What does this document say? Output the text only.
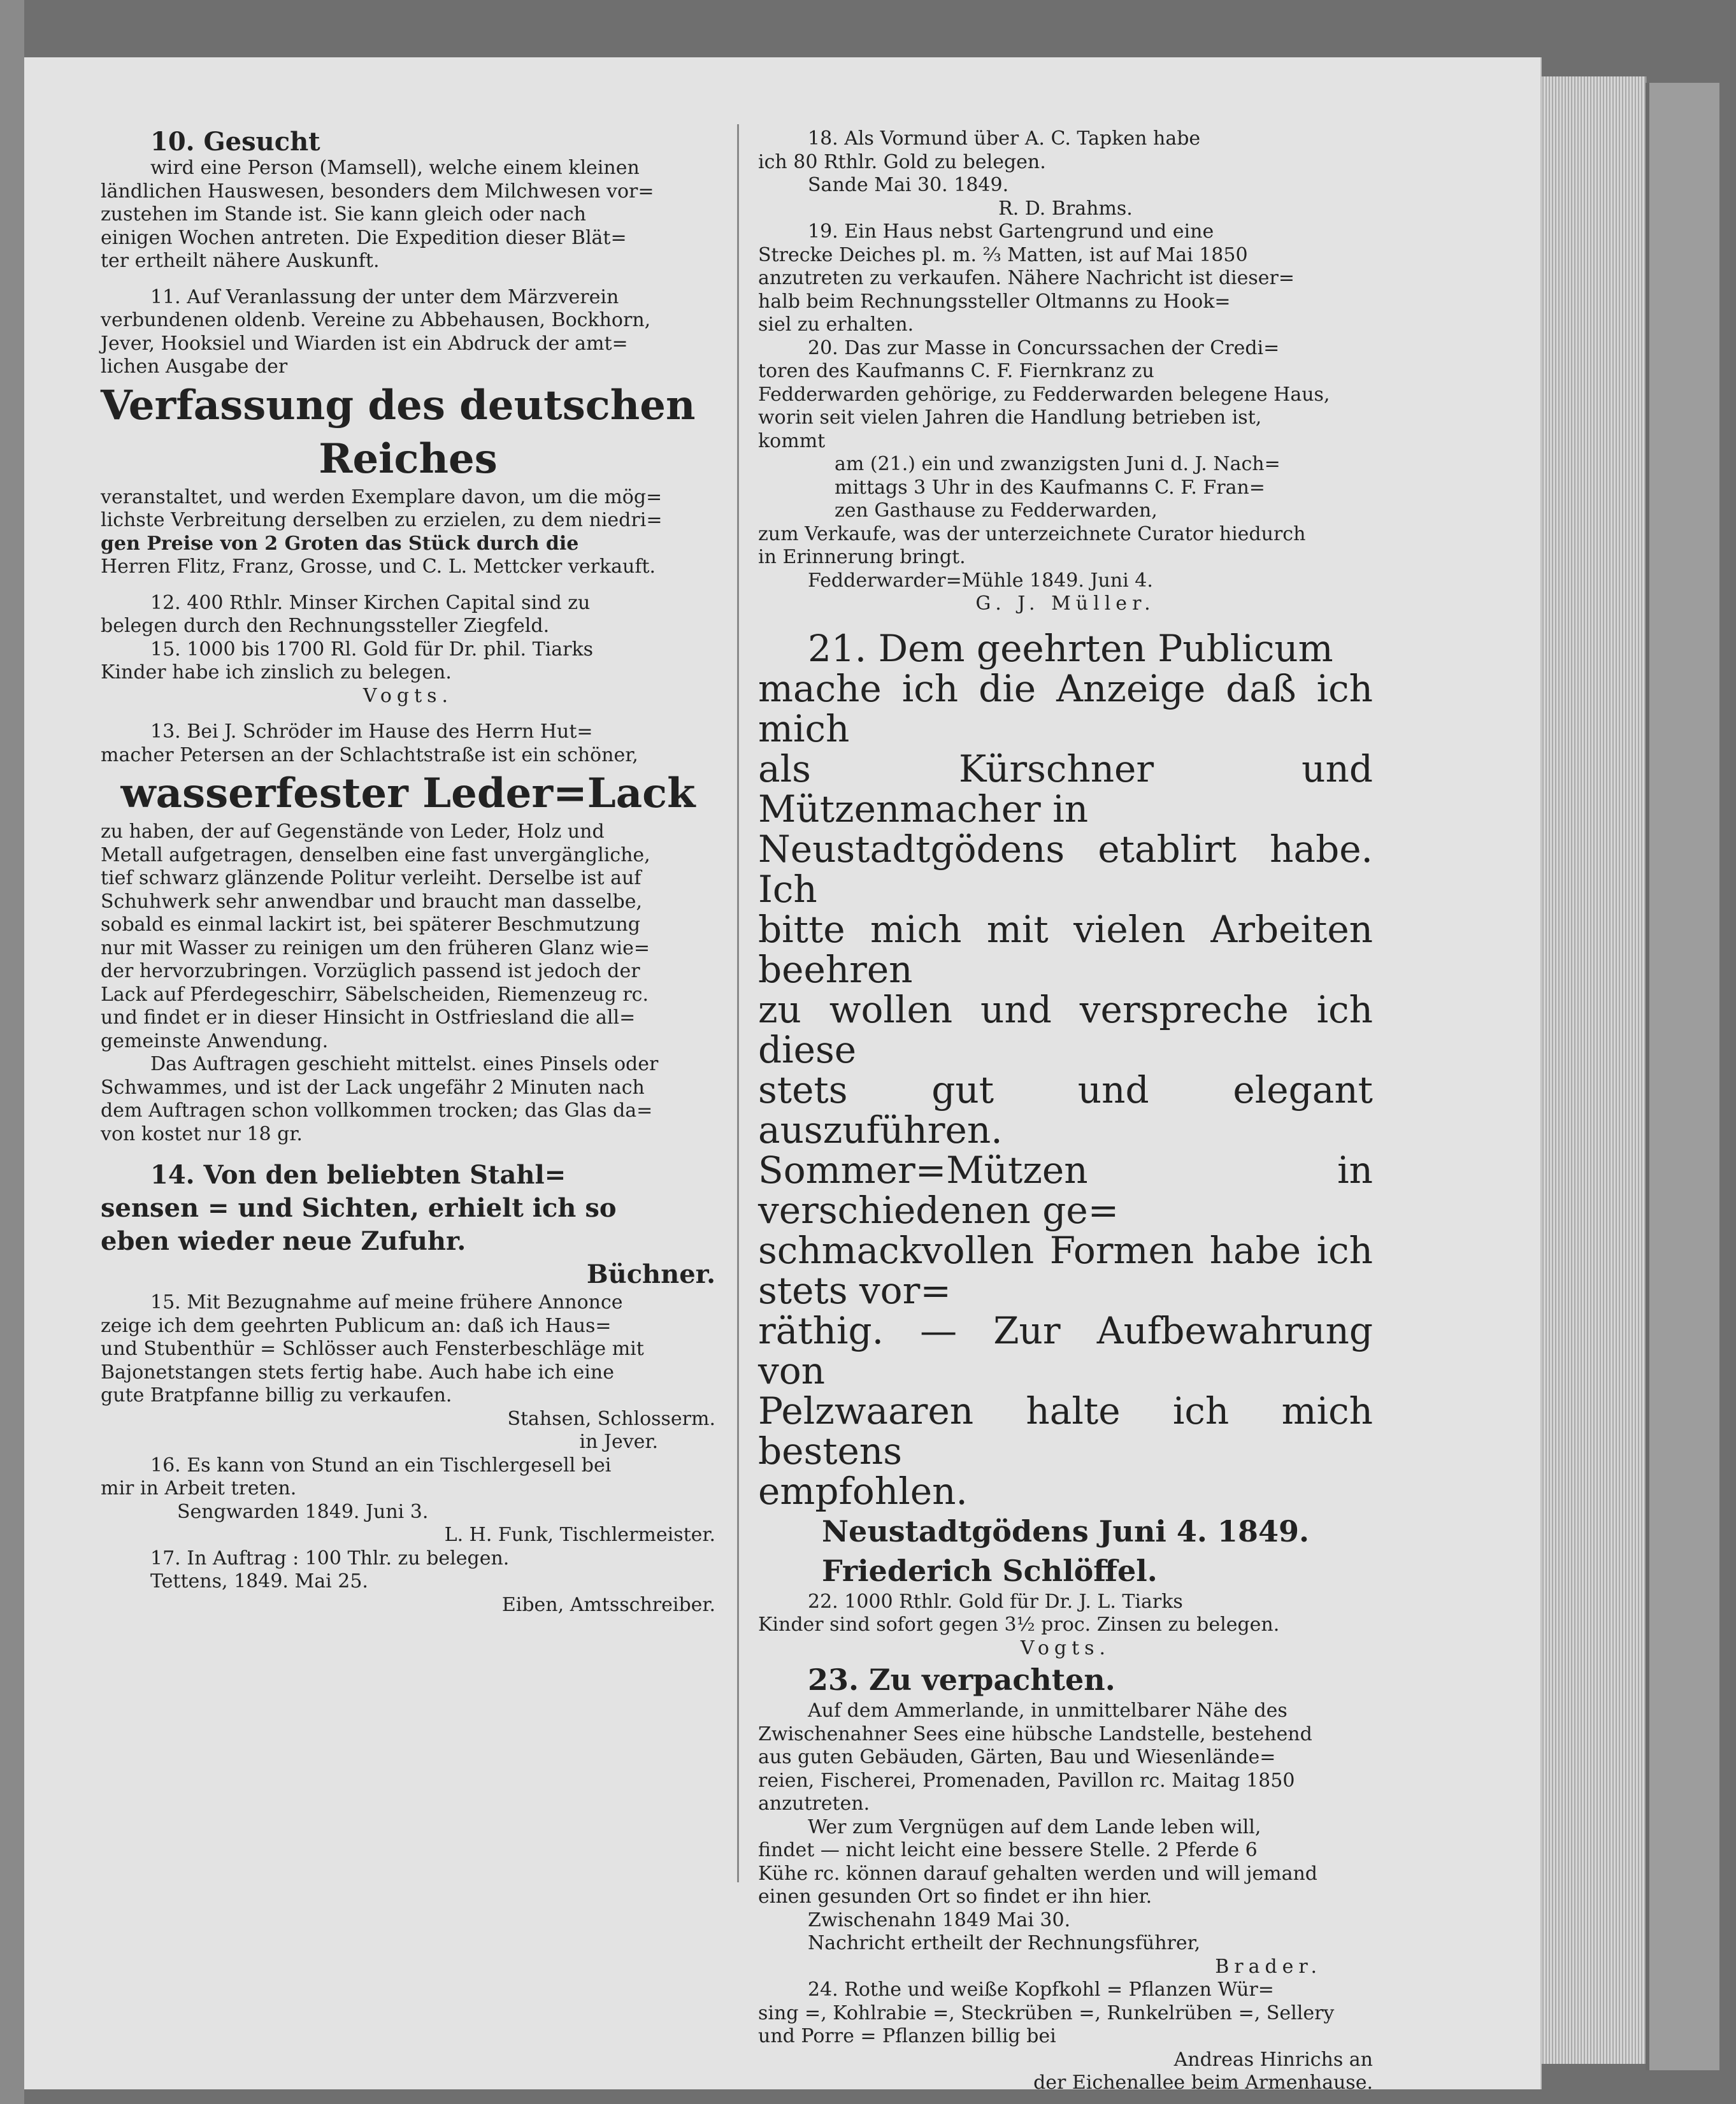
10. Gesucht

wird eine Person (Mamsell), welche einem kleinen

ländlichen Hauswesen, besonders dem Milchwesen vor=

zustehen im Stande ist. Sie kann gleich oder nach

einigen Wochen antreten. Die Expedition dieser Blät=

ter ertheilt nähere Auskunft.

11. Auf Veranlassung der unter dem Märzverein

verbundenen oldenb. Vereine zu Abbehausen, Bockhorn,

Jever, Hooksiel und Wiarden ist ein Abdruck der amt=

lichen Ausgabe der

Verfassung des deutschen

Reiches

veranstaltet, und werden Exemplare davon, um die mög=

lichste Verbreitung derselben zu erzielen, zu dem niedri=

gen Preise von 2 Groten das Stück durch die

Herren Flitz, Franz, Grosse, und C. L. Mettcker verkauft.

12. 400 Rthlr. Minser Kirchen Capital sind zu

belegen durch den Rechnungssteller Ziegfeld.

15. 1000 bis 1700 Rl. Gold für Dr. phil. Tiarks

Kinder habe ich zinslich zu belegen.

Vogts.

13. Bei J. Schröder im Hause des Herrn Hut=

macher Petersen an der Schlachtstraße ist ein schöner,

wasserfester Leder=Lack

zu haben, der auf Gegenstände von Leder, Holz und

Metall aufgetragen, denselben eine fast unvergängliche,

tief schwarz glänzende Politur verleiht. Derselbe ist auf

Schuhwerk sehr anwendbar und braucht man dasselbe,

sobald es einmal lackirt ist, bei späterer Beschmutzung

nur mit Wasser zu reinigen um den früheren Glanz wie=

der hervorzubringen. Vorzüglich passend ist jedoch der

Lack auf Pferdegeschirr, Säbelscheiden, Riemenzeug rc.

und findet er in dieser Hinsicht in Ostfriesland die all=

gemeinste Anwendung.

Das Auftragen geschieht mittelst. eines Pinsels oder

Schwammes, und ist der Lack ungefähr 2 Minuten nach

dem Auftragen schon vollkommen trocken; das Glas da=

von kostet nur 18 gr.

14. Von den beliebten Stahl=

sensen = und Sichten, erhielt ich so

eben wieder neue Zufuhr.

Büchner.

15. Mit Bezugnahme auf meine frühere Annonce

zeige ich dem geehrten Publicum an: daß ich Haus=

und Stubenthür = Schlösser auch Fensterbeschläge mit

Bajonetstangen stets fertig habe. Auch habe ich eine

gute Bratpfanne billig zu verkaufen.

Stahsen, Schlosserm.

in Jever.

16. Es kann von Stund an ein Tischlergesell bei

mir in Arbeit treten.

Sengwarden 1849. Juni 3.

L. H. Funk, Tischlermeister.

17. In Auftrag : 100 Thlr. zu belegen.

Tettens, 1849. Mai 25.

Eiben, Amtsschreiber.

18. Als Vormund über A. C. Tapken habe

ich 80 Rthlr. Gold zu belegen.

Sande Mai 30. 1849.

R. D. Brahms.

19. Ein Haus nebst Gartengrund und eine

Strecke Deiches pl. m. ⅔ Matten, ist auf Mai 1850

anzutreten zu verkaufen. Nähere Nachricht ist dieser=

halb beim Rechnungssteller Oltmanns zu Hook=

siel zu erhalten.

20. Das zur Masse in Concurssachen der Credi=

toren des Kaufmanns C. F. Fiernkranz zu

Fedderwarden gehörige, zu Fedderwarden belegene Haus,

worin seit vielen Jahren die Handlung betrieben ist,

kommt

am (21.) ein und zwanzigsten Juni d. J. Nach=

mittags 3 Uhr in des Kaufmanns C. F. Fran=

zen Gasthause zu Fedderwarden,

zum Verkaufe, was der unterzeichnete Curator hiedurch

in Erinnerung bringt.

Fedderwarder=Mühle 1849. Juni 4.

G. J. Müller.

21. Dem geehrten Publicum

mache ich die Anzeige daß ich mich

als Kürschner und Mützenmacher in

Neustadtgödens etablirt habe. Ich

bitte mich mit vielen Arbeiten beehren

zu wollen und verspreche ich diese

stets gut und elegant auszuführen.

Sommer=Mützen in verschiedenen ge=

schmackvollen Formen habe ich stets vor=

räthig. — Zur Aufbewahrung von

Pelzwaaren halte ich mich bestens

empfohlen.

Neustadtgödens Juni 4. 1849.

Friederich Schlöffel.

22. 1000 Rthlr. Gold für Dr. J. L. Tiarks

Kinder sind sofort gegen 3½ proc. Zinsen zu belegen.

Vogts.

23. Zu verpachten.

Auf dem Ammerlande, in unmittelbarer Nähe des

Zwischenahner Sees eine hübsche Landstelle, bestehend

aus guten Gebäuden, Gärten, Bau und Wiesenlände=

reien, Fischerei, Promenaden, Pavillon rc. Maitag 1850

anzutreten.

Wer zum Vergnügen auf dem Lande leben will,

findet — nicht leicht eine bessere Stelle. 2 Pferde 6

Kühe rc. können darauf gehalten werden und will jemand

einen gesunden Ort so findet er ihn hier.

Zwischenahn 1849 Mai 30.

Nachricht ertheilt der Rechnungsführer,

Brader.

24. Rothe und weiße Kopfkohl = Pflanzen Wür=

sing =, Kohlrabie =, Steckrüben =, Runkelrüben =, Sellery

und Porre = Pflanzen billig bei

Andreas Hinrichs an

der Eichenallee beim Armenhause.
